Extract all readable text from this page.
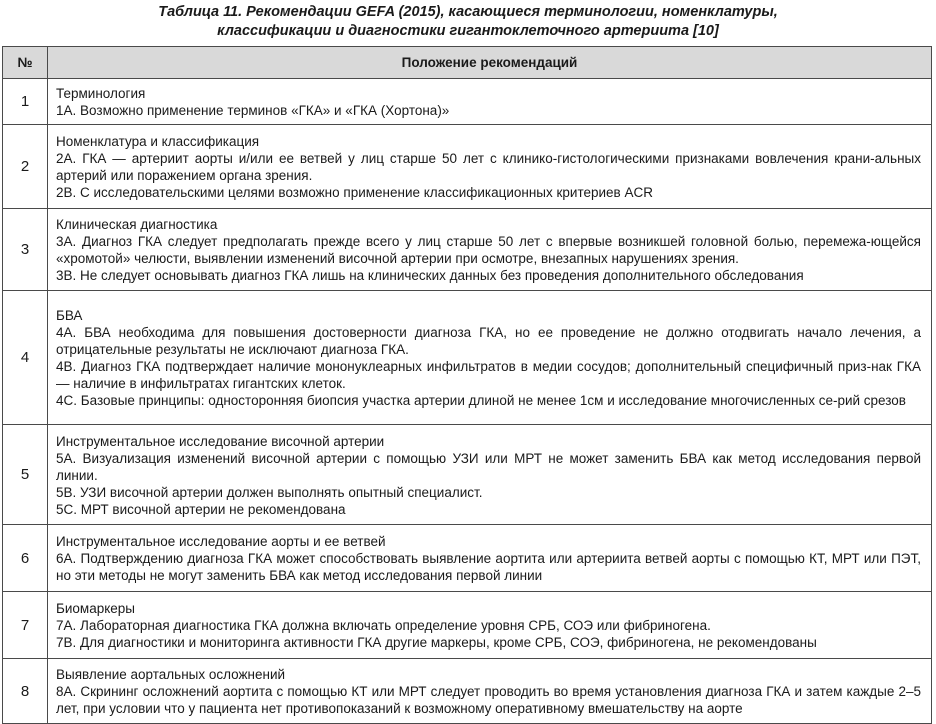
Таблица 11. Рекомендации GEFA (2015), касающиеся терминологии, номенклатуры,
классификации и диагностики гигантоклеточного артериита [10]
№	Положение рекомендаций
1	Терминология
1А. Возможно применение терминов «ГКА» и «ГКА (Хортона)»

2	Номенклатура и классификация
2А. ГКА — артериит аорты и/или ее ветвей у лиц старше 50 лет с клинико-гистологическими признаками вовлечения крани-альных артерий или поражением органа зрения.
2В. С исследовательскими целями возможно применение классификационных критериев ACR

3	Клиническая диагностика
3А. Диагноз ГКА следует предполагать прежде всего у лиц старше 50 лет с впервые возникшей головной болью, перемежа-ющейся «хромотой» челюсти, выявлении изменений височной артерии при осмотре, внезапных нарушениях зрения.
3В. Не следует основывать диагноз ГКА лишь на клинических данных без проведения дополнительного обследования

4	БВА
4А. БВА необходима для повышения достоверности диагноза ГКА, но ее проведение не должно отодвигать начало лечения, а отрицательные результаты не исключают диагноза ГКА.
4В. Диагноз ГКА подтверждает наличие мононуклеарных инфильтратов в медии сосудов; дополнительный специфичный приз-нак ГКА — наличие в инфильтратах гигантских клеток.
4С. Базовые принципы: односторонняя биопсия участка артерии длиной не менее 1см и исследование многочисленных се-рий срезов

5	Инструментальное исследование височной артерии
5А. Визуализация изменений височной артерии с помощью УЗИ или МРТ не может заменить БВА как метод исследования первой линии.
5В. УЗИ височной артерии должен выполнять опытный специалист.
5С. МРТ височной артерии не рекомендована

6	Инструментальное исследование аорты и ее ветвей
6А. Подтверждению диагноза ГКА может способствовать выявление аортита или артериита ветвей аорты с помощью КТ, МРТ или ПЭТ, но эти методы не могут заменить БВА как метод исследования первой линии

7	Биомаркеры
7А. Лабораторная диагностика ГКА должна включать определение уровня СРБ, СОЭ или фибриногена.
7В. Для диагностики и мониторинга активности ГКА другие маркеры, кроме СРБ, СОЭ, фибриногена, не рекомендованы

8	Выявление аортальных осложнений
8А. Скрининг осложнений аортита с помощью КТ или МРТ следует проводить во время установления диагноза ГКА и затем каждые 2–5 лет, при условии что у пациента нет противопоказаний к возможному оперативному вмешательству на аорте
